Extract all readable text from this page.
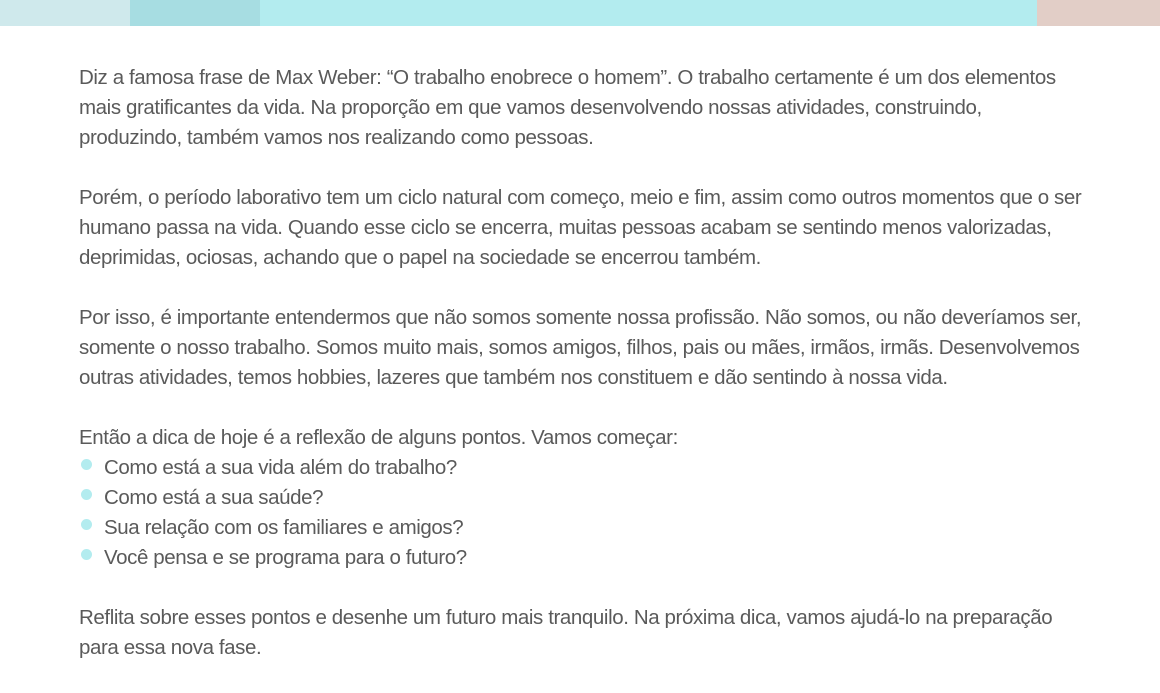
Diz a famosa frase de Max Weber: “O trabalho enobrece o homem”. O trabalho certamente é um dos elementos mais gratificantes da vida. Na proporção em que vamos desenvolvendo nossas atividades, construindo, produzindo, também vamos nos realizando como pessoas.

Porém, o período laborativo tem um ciclo natural com começo, meio e fim, assim como outros momentos que o ser humano passa na vida. Quando esse ciclo se encerra, muitas pessoas acabam se sentindo menos valorizadas, deprimidas, ociosas, achando que o papel na sociedade se encerrou também.

Por isso, é importante entendermos que não somos somente nossa profissão. Não somos, ou não deveríamos ser, somente o nosso trabalho. Somos muito mais, somos amigos, filhos, pais ou mães, irmãos, irmãs. Desenvolvemos outras atividades, temos hobbies, lazeres que também nos constituem e dão sentindo à nossa vida.

Então a dica de hoje é a reflexão de alguns pontos. Vamos começar:

Como está a sua vida além do trabalho?
Como está a sua saúde?
Sua relação com os familiares e amigos?
Você pensa e se programa para o futuro?

Reflita sobre esses pontos e desenhe um futuro mais tranquilo. Na próxima dica, vamos ajudá-lo na preparação para essa nova fase.
